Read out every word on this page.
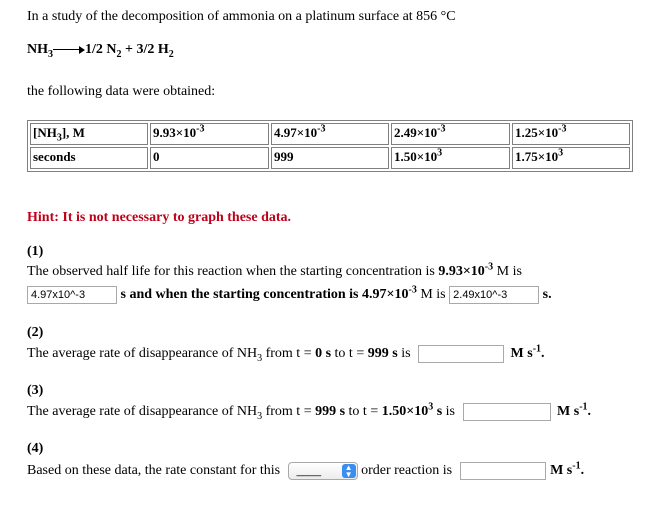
In a study of the decomposition of ammonia on a platinum surface at 856 °C
$NH_3$ 1/2 $N_2 + 3/2$ $H_2$
the following data were obtained:
$[NH_3]$, M	$9.93\times 10^{-3}$	$4.97\times 10^{-3}$	$2.49\times 10^{-3}$	$1.25\times 10^{-3}$
seconds	0	999	$1.50\times 10^3$	$1.75\times 10^3$
Hint: It is not necessary to graph these data.
(1)
The observed half life for this reaction when the starting concentration is $9.93\times 10^{-3}$ M is
4.97x10^-3	s and when the starting concentration is $4.97\times 10^{-3}$ M is 2.49x10^-3	s.
(2)
The average rate of disappearance of $NH_3$ from t = 0 s to t = 999 s is	M $s^{-1}$.
(3)
The average rate of disappearance of $NH_3$ from t = 999 s to $t = 1.50\times 10^3$ s is	M $s^{-1}$.
(4)
Based on these data, the rate constant for this ____	▲
▼ order reaction is	M $s^{-1}$.
